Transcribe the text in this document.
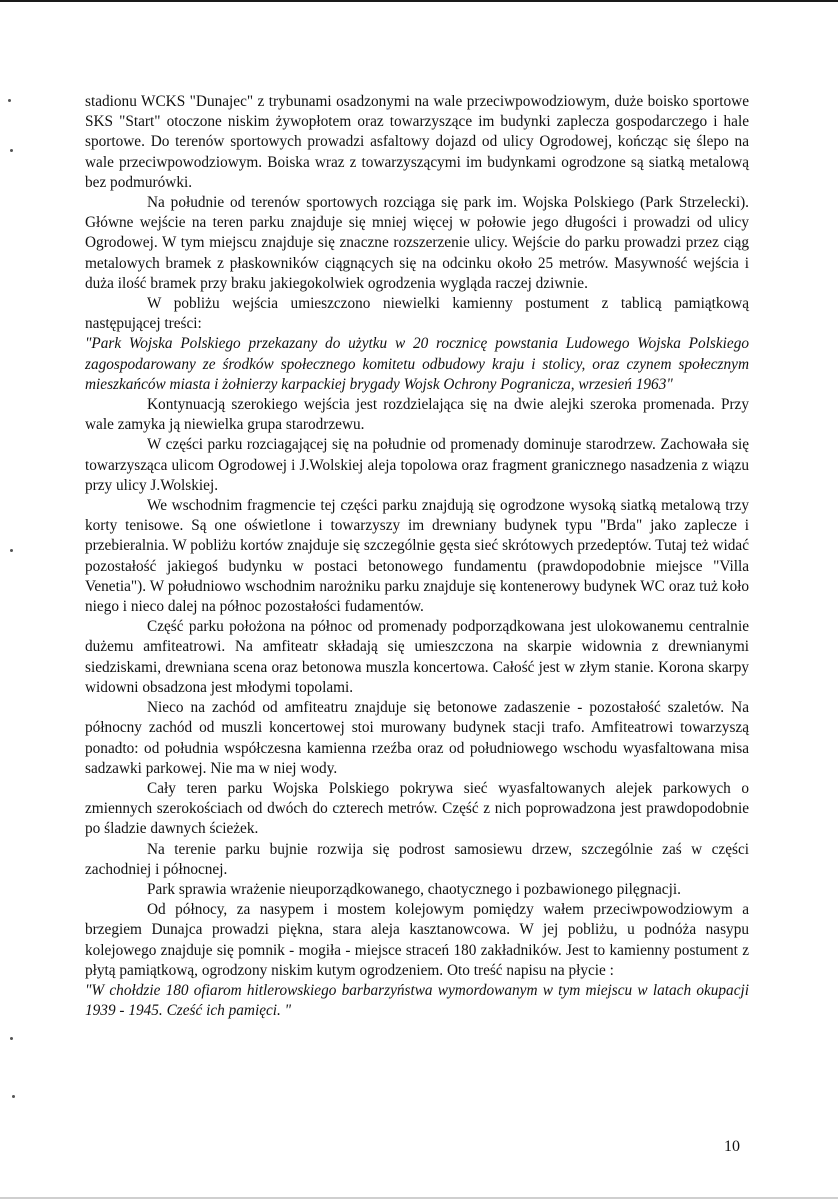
stadionu WCKS "Dunajec" z trybunami osadzonymi na wale przeciwpowodziowym, duże boisko sportowe SKS "Start" otoczone niskim żywopłotem oraz towarzyszące im budynki zaplecza gospodarczego i hale sportowe. Do terenów sportowych prowadzi asfaltowy dojazd od ulicy Ogrodowej, kończąc się ślepo na wale przeciwpowodziowym. Boiska wraz z towarzyszącymi im budynkami ogrodzone są siatką metalową bez podmurówki.

Na południe od terenów sportowych rozciąga się park im. Wojska Polskiego (Park Strzelecki). Główne wejście na teren parku znajduje się mniej więcej w połowie jego długości i prowadzi od ulicy Ogrodowej. W tym miejscu znajduje się znaczne rozszerzenie ulicy. Wejście do parku prowadzi przez ciąg metalowych bramek z płaskowników ciągnących się na odcinku około 25 metrów. Masywność wejścia i duża ilość bramek przy braku jakiegokolwiek ogrodzenia wygląda raczej dziwnie.

W pobliżu wejścia umieszczono niewielki kamienny postument z tablicą pamiątkową następującej treści:

"Park Wojska Polskiego przekazany do użytku w 20 rocznicę powstania Ludowego Wojska Polskiego zagospodarowany ze środków społecznego komitetu odbudowy kraju i stolicy, oraz czynem społecznym mieszkańców miasta i żołnierzy karpackiej brygady Wojsk Ochrony Pogranicza, wrzesień 1963"

Kontynuacją szerokiego wejścia jest rozdzielająca się na dwie alejki szeroka promenada. Przy wale zamyka ją niewielka grupa starodrzewu.

W części parku rozciagającej się na południe od promenady dominuje starodrzew. Zachowała się towarzysząca ulicom Ogrodowej i J.Wolskiej aleja topolowa oraz fragment granicznego nasadzenia z wiązu przy ulicy J.Wolskiej.

We wschodnim fragmencie tej części parku znajdują się ogrodzone wysoką siatką metalową trzy korty tenisowe. Są one oświetlone i towarzyszy im drewniany budynek typu "Brda" jako zaplecze i przebieralnia. W pobliżu kortów znajduje się szczególnie gęsta sieć skrótowych przedeptów. Tutaj też widać pozostałość jakiegoś budynku w postaci betonowego fundamentu (prawdopodobnie miejsce "Villa Venetia"). W południowo wschodnim narożniku parku znajduje się kontenerowy budynek WC oraz tuż koło niego i nieco dalej na północ pozostałości fudamentów.

Część parku położona na północ od promenady podporządkowana jest ulokowanemu centralnie dużemu amfiteatrowi. Na amfiteatr składają się umieszczona na skarpie widownia z drewnianymi siedziskami, drewniana scena oraz betonowa muszla koncertowa. Całość jest w złym stanie. Korona skarpy widowni obsadzona jest młodymi topolami.

Nieco na zachód od amfiteatru znajduje się betonowe zadaszenie - pozostałość szaletów. Na północny zachód od muszli koncertowej stoi murowany budynek stacji trafo. Amfiteatrowi towarzyszą ponadto: od południa współczesna kamienna rzeźba oraz od południowego wschodu wyasfaltowana misa sadzawki parkowej. Nie ma w niej wody.

Cały teren parku Wojska Polskiego pokrywa sieć wyasfaltowanych alejek parkowych o zmiennych szerokościach od dwóch do czterech metrów. Część z nich poprowadzona jest prawdopodobnie po śladzie dawnych ścieżek.

Na terenie parku bujnie rozwija się podrost samosiewu drzew, szczególnie zaś w części zachodniej i północnej.

Park sprawia wrażenie nieuporządkowanego, chaotycznego i pozbawionego pilęgnacji.

Od północy, za nasypem i mostem kolejowym pomiędzy wałem przeciwpowodziowym a brzegiem Dunajca prowadzi piękna, stara aleja kasztanowcowa. W jej pobliżu, u podnóża nasypu kolejowego znajduje się pomnik - mogiła - miejsce straceń 180 zakładników. Jest to kamienny postument z płytą pamiątkową, ogrodzony niskim kutym ogrodzeniem. Oto treść napisu na płycie :

"W chołdzie 180 ofiarom hitlerowskiego barbarzyństwa wymordowanym w tym miejscu w latach okupacji 1939 - 1945. Cześć ich pamięci. "

10
